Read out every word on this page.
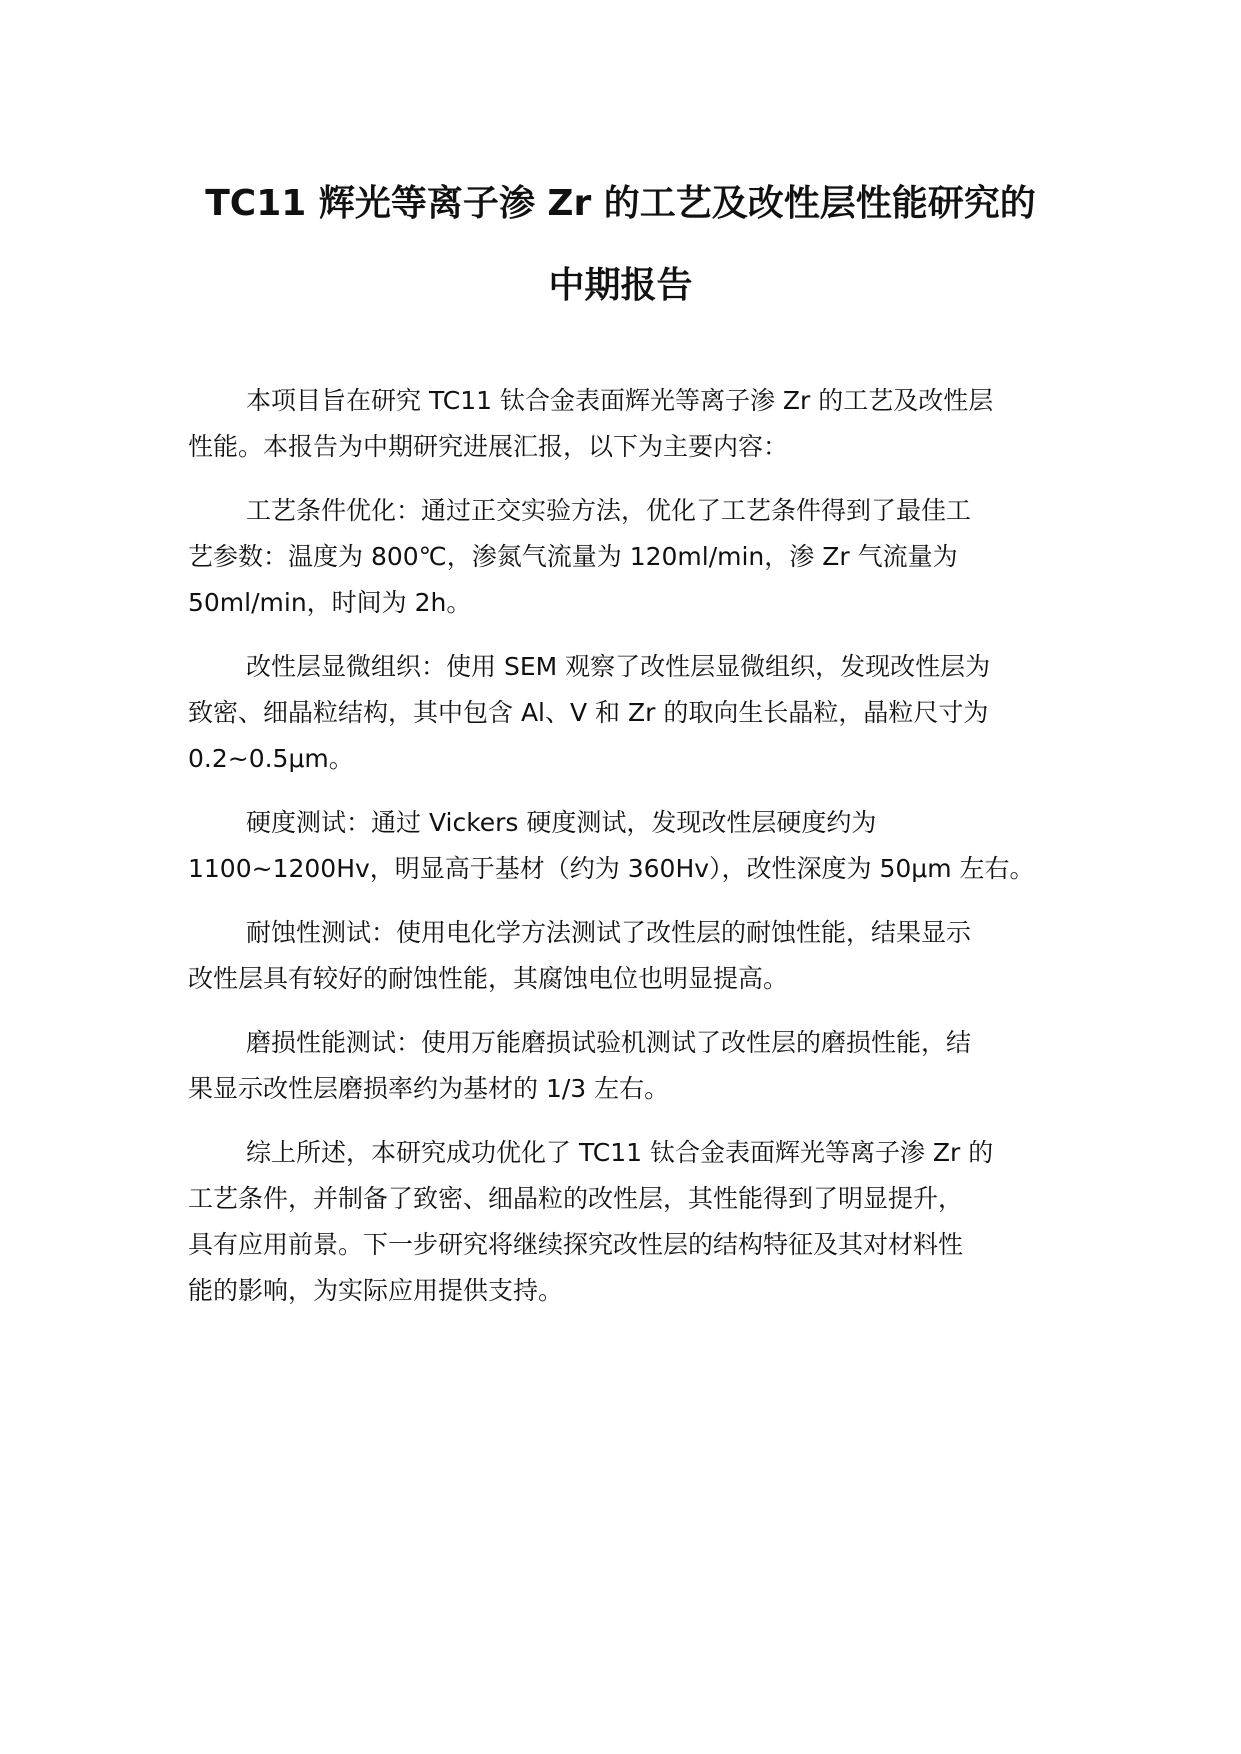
TC11 辉光等离子渗 Zr 的工艺及改性层性能研究的
中期报告

本项目旨在研究 TC11 钛合金表面辉光等离子渗 Zr 的工艺及改性层
性能。本报告为中期研究进展汇报，以下为主要内容：

工艺条件优化：通过正交实验方法，优化了工艺条件得到了最佳工
艺参数：温度为 800℃，渗氮气流量为 120ml/min，渗 Zr 气流量为
50ml/min，时间为 2h。

改性层显微组织：使用 SEM 观察了改性层显微组织，发现改性层为
致密、细晶粒结构，其中包含 Al、V 和 Zr 的取向生长晶粒，晶粒尺寸为
0.2~0.5μm。

硬度测试：通过 Vickers 硬度测试，发现改性层硬度约为
1100~1200Hv，明显高于基材（约为 360Hv），改性深度为 50μm 左右。

耐蚀性测试：使用电化学方法测试了改性层的耐蚀性能，结果显示
改性层具有较好的耐蚀性能，其腐蚀电位也明显提高。

磨损性能测试：使用万能磨损试验机测试了改性层的磨损性能，结
果显示改性层磨损率约为基材的 1/3 左右。

综上所述，本研究成功优化了 TC11 钛合金表面辉光等离子渗 Zr 的
工艺条件，并制备了致密、细晶粒的改性层，其性能得到了明显提升，
具有应用前景。下一步研究将继续探究改性层的结构特征及其对材料性
能的影响，为实际应用提供支持。
